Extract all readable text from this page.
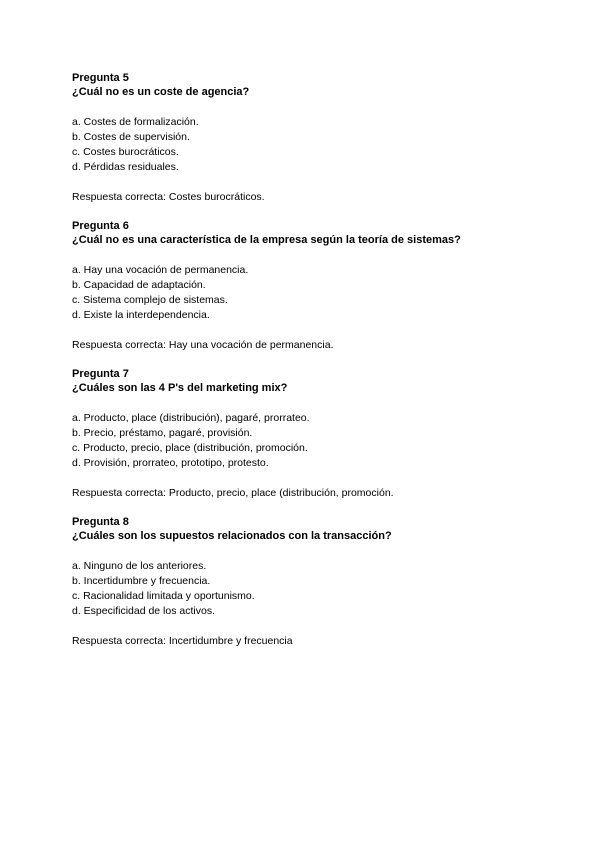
Pregunta 5
¿Cuál no es un coste de agencia?
a. Costes de formalización.
b. Costes de supervisión.
c. Costes burocráticos.
d. Pérdidas residuales.
Respuesta correcta: Costes burocráticos.
Pregunta 6
¿Cuál no es una característica de la empresa según la teoría de sistemas?
a. Hay una vocación de permanencia.
b. Capacidad de adaptación.
c. Sistema complejo de sistemas.
d. Existe la interdependencia.
Respuesta correcta: Hay una vocación de permanencia.
Pregunta 7
¿Cuáles son las 4 P's del marketing mix?
a. Producto, place (distribución), pagaré, prorrateo.
b. Precio, préstamo, pagaré, provisión.
c. Producto, precio, place (distribución, promoción.
d. Provisión, prorrateo, prototipo, protesto.
Respuesta correcta: Producto, precio, place (distribución, promoción.
Pregunta 8
¿Cuáles son los supuestos relacionados con la transacción?
a. Ninguno de los anteriores.
b. Incertidumbre y frecuencia.
c. Racionalidad limitada y oportunismo.
d. Especificidad de los activos.
Respuesta correcta: Incertidumbre y frecuencia
